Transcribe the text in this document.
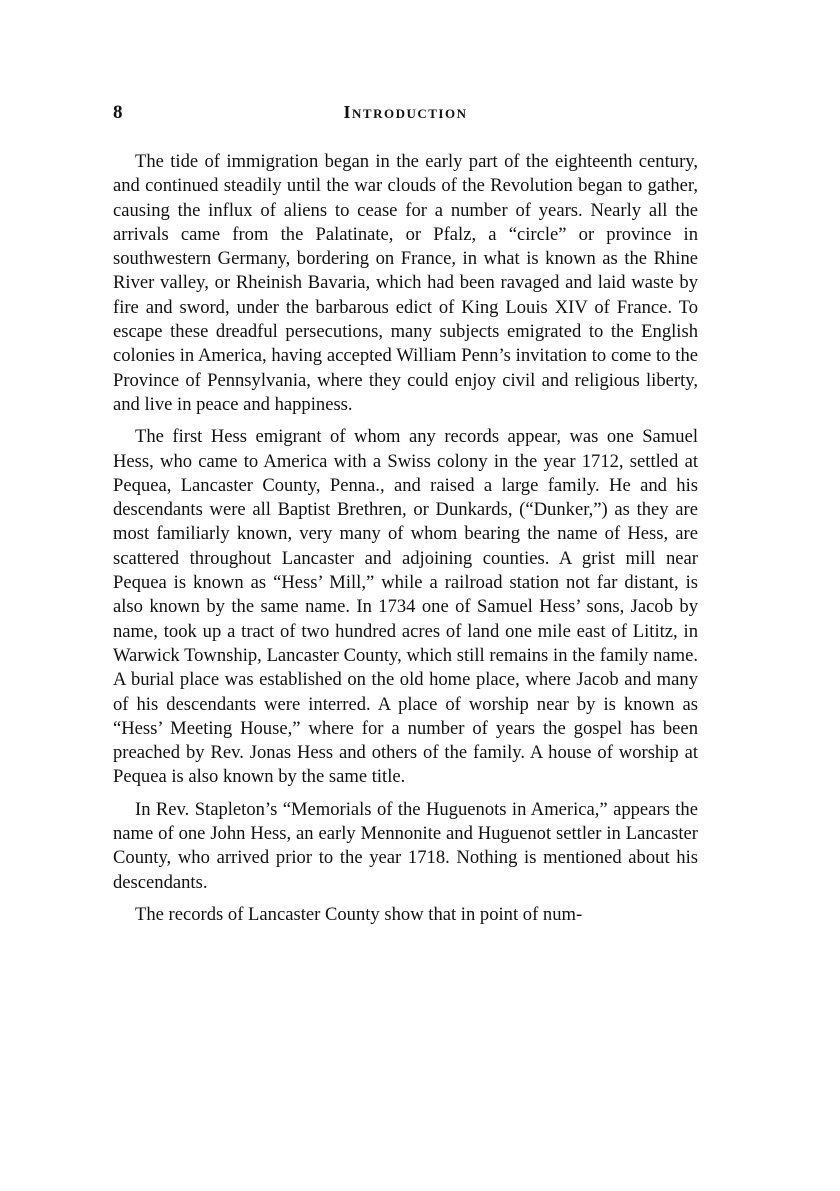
8	Introduction

The tide of immigration began in the early part of the eighteenth century, and continued steadily until the war clouds of the Revolution began to gather, causing the influx of aliens to cease for a number of years. Nearly all the arrivals came from the Palatinate, or Pfalz, a “circle” or province in southwestern Germany, bordering on France, in what is known as the Rhine River valley, or Rheinish Bavaria, which had been ravaged and laid waste by fire and sword, under the barbarous edict of King Louis XIV of France. To escape these dreadful persecutions, many subjects emigrated to the English colonies in America, having accepted William Penn’s invitation to come to the Province of Pennsylvania, where they could enjoy civil and religious liberty, and live in peace and happiness.

The first Hess emigrant of whom any records appear, was one Samuel Hess, who came to America with a Swiss colony in the year 1712, settled at Pequea, Lancaster County, Penna., and raised a large family. He and his descendants were all Baptist Brethren, or Dunkards, (“Dunker,”) as they are most familiarly known, very many of whom bearing the name of Hess, are scattered throughout Lancaster and adjoining counties. A grist mill near Pequea is known as “Hess’ Mill,” while a railroad station not far distant, is also known by the same name. In 1734 one of Samuel Hess’ sons, Jacob by name, took up a tract of two hundred acres of land one mile east of Lititz, in Warwick Township, Lancaster County, which still remains in the family name. A burial place was established on the old home place, where Jacob and many of his descendants were interred. A place of worship near by is known as “Hess’ Meeting House,” where for a number of years the gospel has been preached by Rev. Jonas Hess and others of the family. A house of worship at Pequea is also known by the same title.

In Rev. Stapleton’s “Memorials of the Huguenots in America,” appears the name of one John Hess, an early Mennonite and Huguenot settler in Lancaster County, who arrived prior to the year 1718. Nothing is mentioned about his descendants.

The records of Lancaster County show that in point of num-
